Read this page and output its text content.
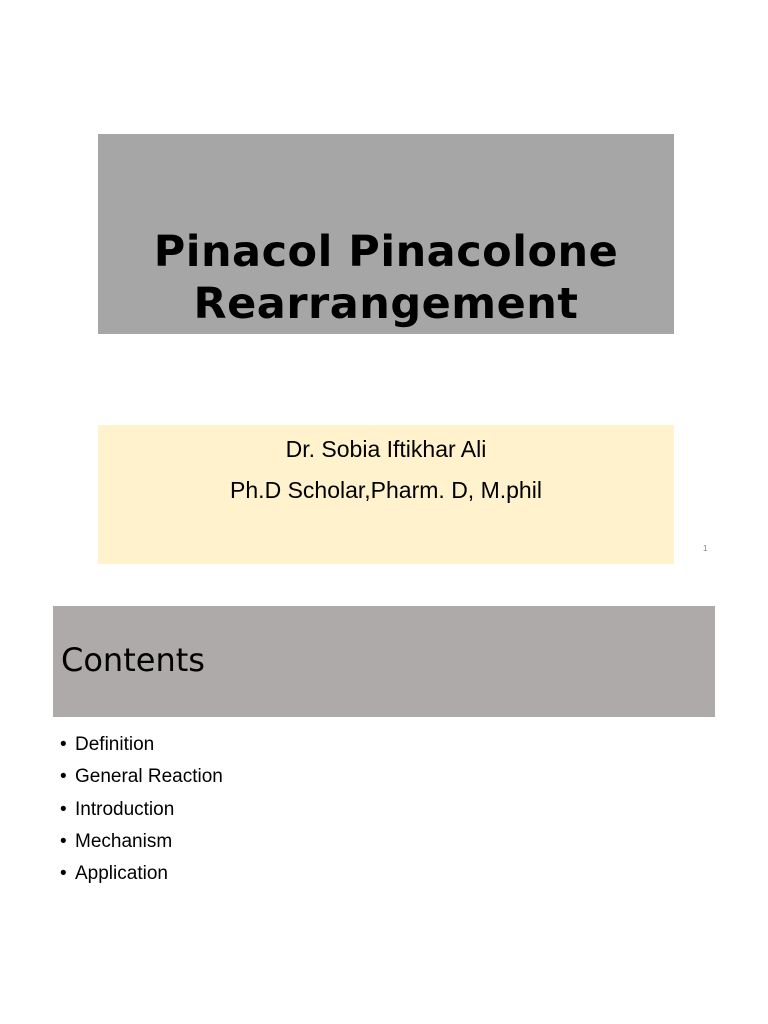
Pinacol Pinacolone
Rearrangement
Dr. Sobia Iftikhar Ali
Ph.D Scholar,Pharm. D, M.phil
1
Contents
• Definition
• General Reaction
• Introduction
• Mechanism
• Application
